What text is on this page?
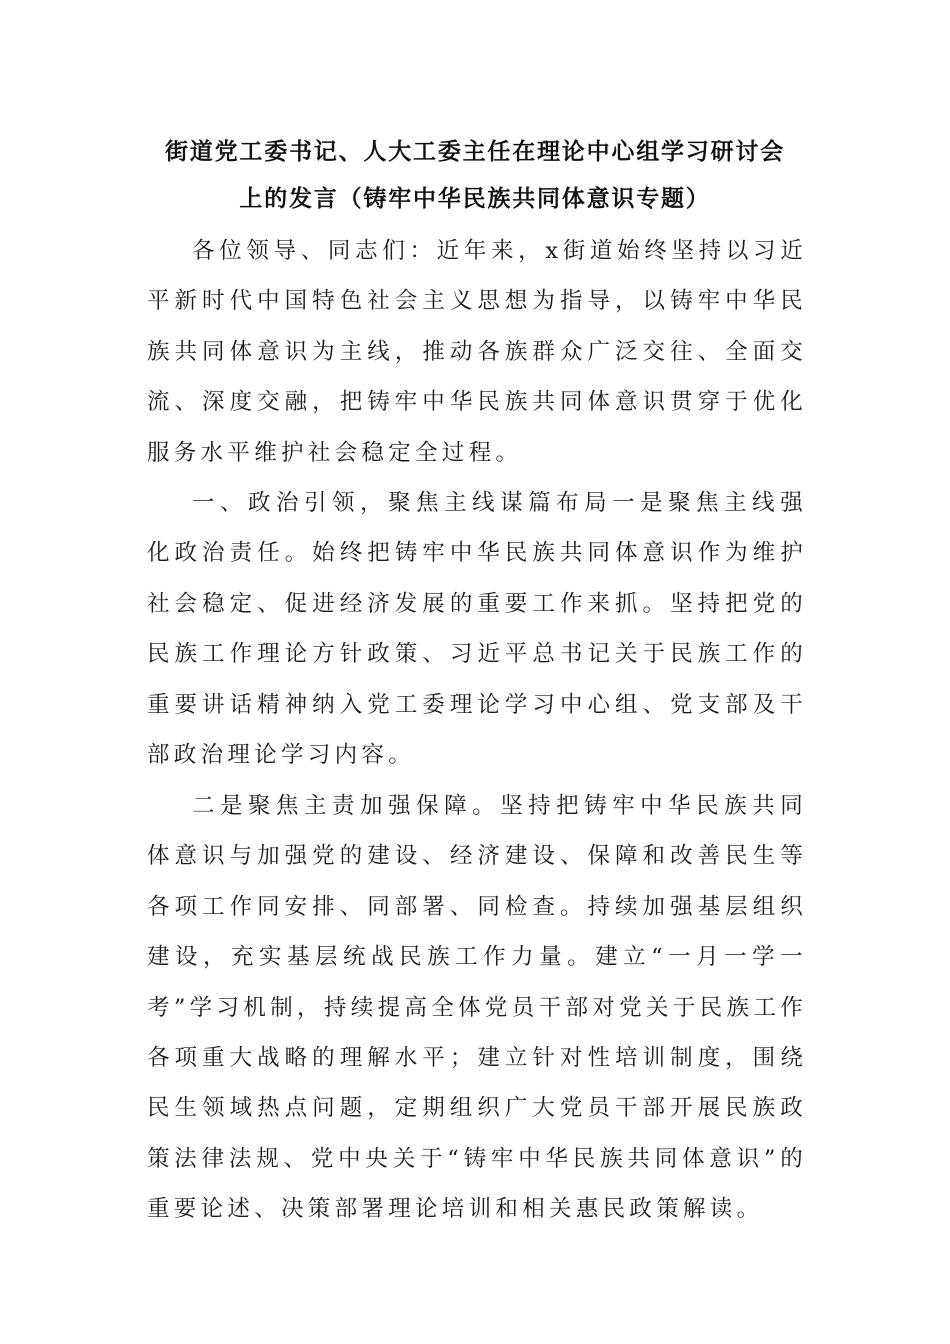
街道党工委书记、人大工委主任在理论中心组学习研讨会
上的发言（铸牢中华民族共同体意识专题）

各位领导、同志们：近年来，x街道始终坚持以习近平新时代中国特色社会主义思想为指导，以铸牢中华民族共同体意识为主线，推动各族群众广泛交往、全面交流、深度交融，把铸牢中华民族共同体意识贯穿于优化服务水平维护社会稳定全过程。

一、政治引领，聚焦主线谋篇布局一是聚焦主线强化政治责任。始终把铸牢中华民族共同体意识作为维护社会稳定、促进经济发展的重要工作来抓。坚持把党的民族工作理论方针政策、习近平总书记关于民族工作的重要讲话精神纳入党工委理论学习中心组、党支部及干部政治理论学习内容。

二是聚焦主责加强保障。坚持把铸牢中华民族共同体意识与加强党的建设、经济建设、保障和改善民生等各项工作同安排、同部署、同检查。持续加强基层组织建设，充实基层统战民族工作力量。建立“一月一学一考”学习机制，持续提高全体党员干部对党关于民族工作各项重大战略的理解水平；建立针对性培训制度，围绕民生领域热点问题，定期组织广大党员干部开展民族政策法律法规、党中央关于“铸牢中华民族共同体意识”的重要论述、决策部署理论培训和相关惠民政策解读。
